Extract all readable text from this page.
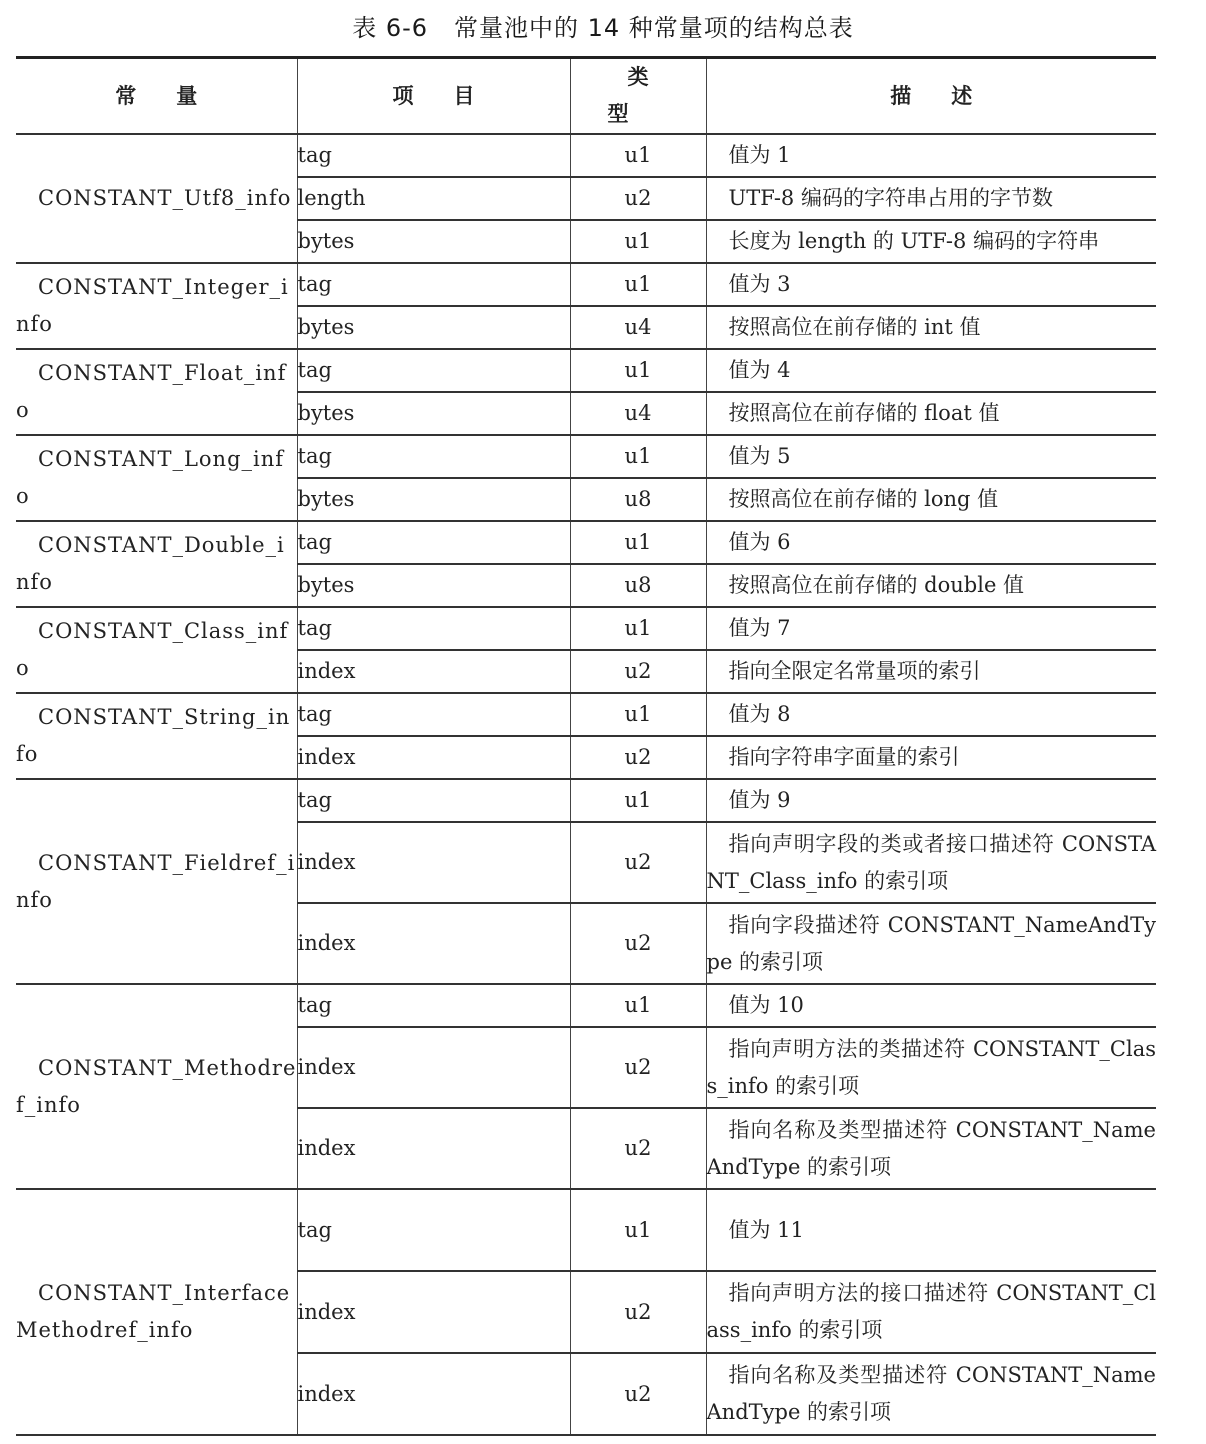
表 6-6 常量池中的 14 种常量项的结构总表
常量	项目	类型	描述
CONSTANT_Utf8_info	tag	u1	值为 1
	length	u2	UTF-8 编码的字符串占用的字节数
	bytes	u1	长度为 length 的 UTF-8 编码的字符串
CONSTANT_Integer_info	tag	u1	值为 3
	bytes	u4	按照高位在前存储的 int 值
CONSTANT_Float_info	tag	u1	值为 4
	bytes	u4	按照高位在前存储的 float 值
CONSTANT_Long_info	tag	u1	值为 5
	bytes	u8	按照高位在前存储的 long 值
CONSTANT_Double_info	tag	u1	值为 6
	bytes	u8	按照高位在前存储的 double 值
CONSTANT_Class_info	tag	u1	值为 7
	index	u2	指向全限定名常量项的索引
CONSTANT_String_info	tag	u1	值为 8
	index	u2	指向字符串字面量的索引
CONSTANT_Fieldref_info	tag	u1	值为 9
	index	u2	指向声明字段的类或者接口描述符 CONSTANT_Class_info 的索引项
	index	u2	指向字段描述符 CONSTANT_NameAndType 的索引项
CONSTANT_Methodref_info	tag	u1	值为 10
	index	u2	指向声明方法的类描述符 CONSTANT_Class_info 的索引项
	index	u2	指向名称及类型描述符 CONSTANT_NameAndType 的索引项
CONSTANT_InterfaceMethodref_info	tag	u1	值为 11
	index	u2	指向声明方法的接口描述符 CONSTANT_Class_info 的索引项
	index	u2	指向名称及类型描述符 CONSTANT_NameAndType 的索引项
